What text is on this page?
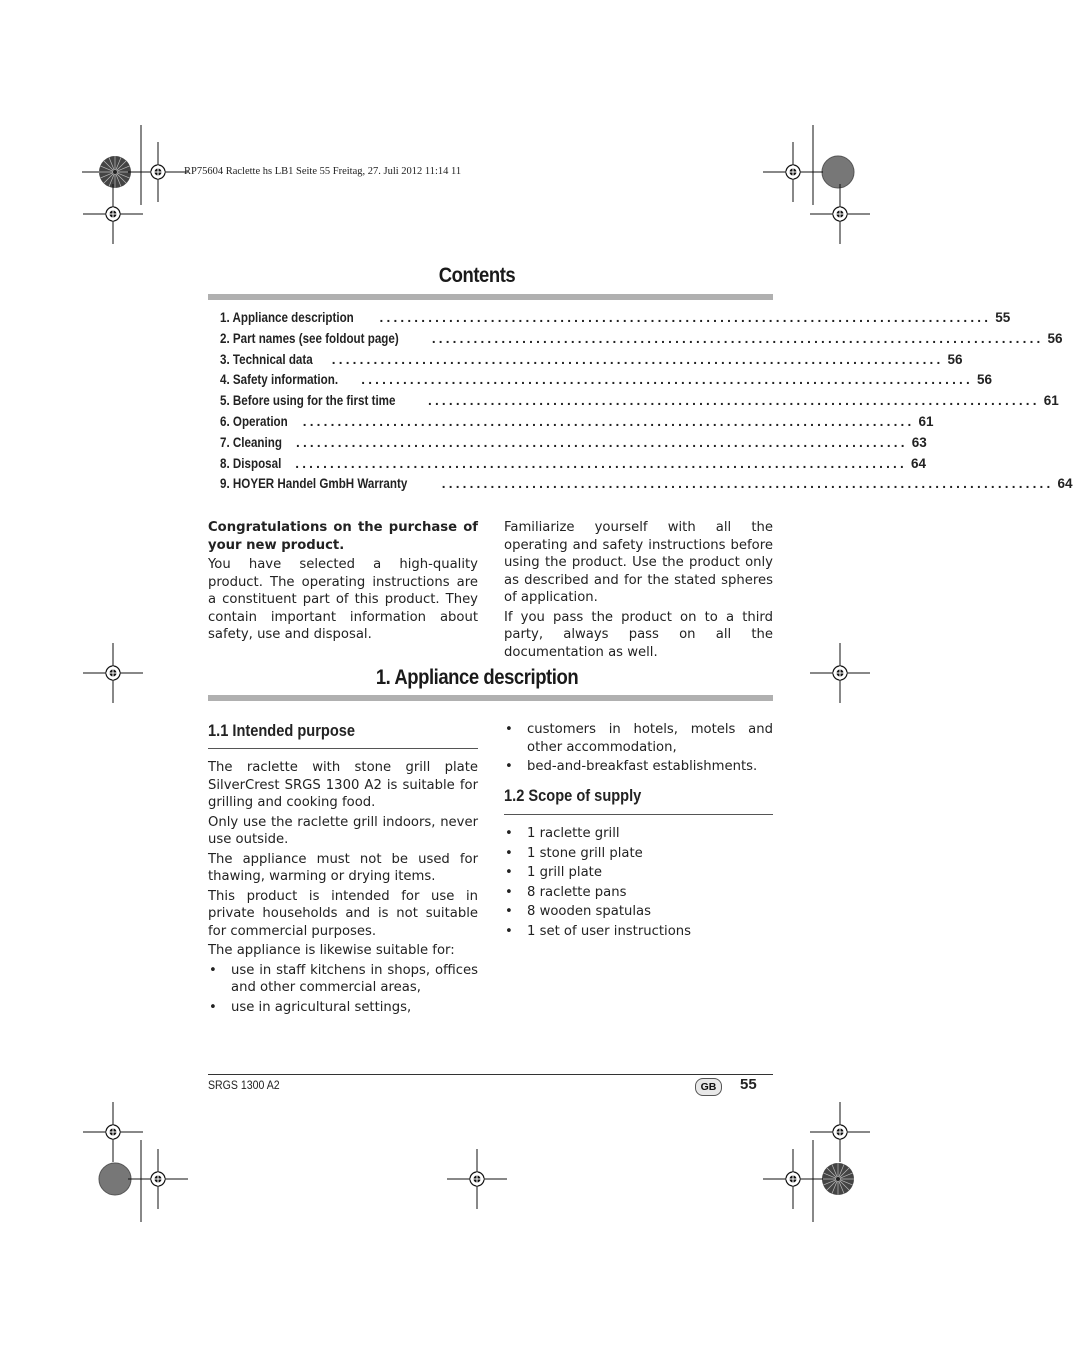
RP75604 Raclette hs LB1 Seite 55 Freitag, 27. Juli 2012 11:14 11
Contents
1. Appliance description ........................................................................................ 55
2. Part names (see foldout page) ........................................................................................ 56
3. Technical data ........................................................................................ 56
4. Safety information. ........................................................................................ 56
5. Before using for the first time ........................................................................................ 61
6. Operation ........................................................................................ 61
7. Cleaning ........................................................................................ 63
8. Disposal ........................................................................................ 64
9. HOYER Handel GmbH Warranty	........................................................................................ 64

Congratulations on the purchase of your new product.

You have selected a high-quality product. The operating instructions are a constituent part of this product. They contain important information about safety, use and disposal.

Familiarize yourself with all the operating and safety instructions before using the product. Use the product only as described and for the stated spheres of application.

If you pass the product on to a third party, always pass on all the documentation as well.

1. Appliance description
1.1 Intended purpose

The raclette with stone grill plate SilverCrest SRGS 1300 A2 is suitable for grilling and cooking food.

Only use the raclette grill indoors, never use outside.

The appliance must not be used for thawing, warming or drying items.

This product is intended for use in private households and is not suitable for commercial purposes.

The appliance is likewise suitable for:

• use in staff kitchens in shops, offices and other commercial areas,
• use in agricultural settings,
• customers in hotels, motels and other accommodation,
• bed-and-breakfast establishments.
1.2 Scope of supply
• 1 raclette grill
• 1 stone grill plate
• 1 grill plate
• 8 raclette pans
• 8 wooden spatulas
• 1 set of user instructions
SRGS 1300 A2	GB	55
